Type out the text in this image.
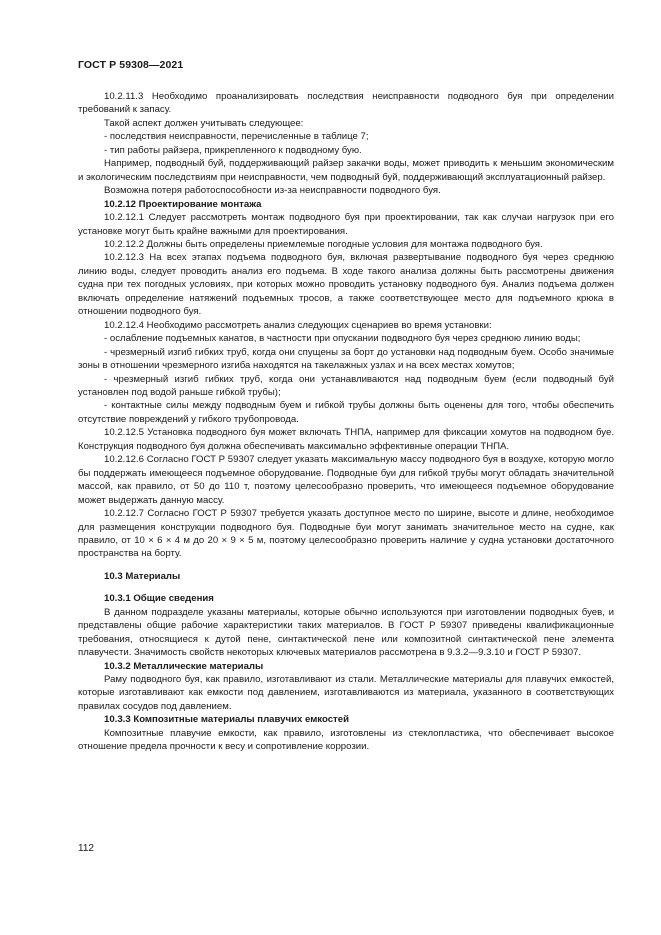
ГОСТ Р 59308—2021

10.2.11.3 Необходимо проанализировать последствия неисправности подводного буя при определении требований к запасу.

Такой аспект должен учитывать следующее:

- последствия неисправности, перечисленные в таблице 7;

- тип работы райзера, прикрепленного к подводному бую.

Например, подводный буй, поддерживающий райзер закачки воды, может приводить к меньшим экономическим и экологическим последствиям при неисправности, чем подводный буй, поддерживающий эксплуатационный райзер.

Возможна потеря работоспособности из-за неисправности подводного буя.

10.2.12 Проектирование монтажа

10.2.12.1 Следует рассмотреть монтаж подводного буя при проектировании, так как случаи нагрузок при его установке могут быть крайне важными для проектирования.

10.2.12.2 Должны быть определены приемлемые погодные условия для монтажа подводного буя.

10.2.12.3 На всех этапах подъема подводного буя, включая развертывание подводного буя через среднюю линию воды, следует проводить анализ его подъема. В ходе такого анализа должны быть рассмотрены движения судна при тех погодных условиях, при которых можно проводить установку подводного буя. Анализ подъема должен включать определение натяжений подъемных тросов, а также соответствующее место для подъемного крюка в отношении подводного буя.

10.2.12.4 Необходимо рассмотреть анализ следующих сценариев во время установки:

- ослабление подъемных канатов, в частности при опускании подводного буя через среднюю линию воды;

- чрезмерный изгиб гибких труб, когда они спущены за борт до установки над подводным буем. Особо значимые зоны в отношении чрезмерного изгиба находятся на такелажных узлах и на всех местах хомутов;

- чрезмерный изгиб гибких труб, когда они устанавливаются над подводным буем (если подводный буй установлен под водой раньше гибкой трубы);

- контактные силы между подводным буем и гибкой трубы должны быть оценены для того, чтобы обеспечить отсутствие повреждений у гибкого трубопровода.

10.2.12.5 Установка подводного буя может включать ТНПА, например для фиксации хомутов на подводном буе. Конструкция подводного буя должна обеспечивать максимально эффективные операции ТНПА.

10.2.12.6 Согласно ГОСТ Р 59307 следует указать максимальную массу подводного буя в воздухе, которую могло бы поддержать имеющееся подъемное оборудование. Подводные буи для гибкой трубы могут обладать значительной массой, как правило, от 50 до 110 т, поэтому целесообразно проверить, что имеющееся подъемное оборудование может выдержать данную массу.

10.2.12.7 Согласно ГОСТ Р 59307 требуется указать доступное место по ширине, высоте и длине, необходимое для размещения конструкции подводного буя. Подводные буи могут занимать значительное место на судне, как правило, от 10 × 6 × 4 м до 20 × 9 × 5 м, поэтому целесообразно проверить наличие у судна установки достаточного пространства на борту.

10.3 Материалы

10.3.1 Общие сведения

В данном подразделе указаны материалы, которые обычно используются при изготовлении подводных буев, и представлены общие рабочие характеристики таких материалов. В ГОСТ Р 59307 приведены квалификационные требования, относящиеся к дутой пене, синтактической пене или композитной синтактической пене элемента плавучести. Значимость свойств некоторых ключевых материалов рассмотрена в 9.3.2—9.3.10 и ГОСТ Р 59307.

10.3.2 Металлические материалы

Раму подводного буя, как правило, изготавливают из стали. Металлические материалы для плавучих емкостей, которые изготавливают как емкости под давлением, изготавливаются из материала, указанного в соответствующих правилах сосудов под давлением.

10.3.3 Композитные материалы плавучих емкостей

Композитные плавучие емкости, как правило, изготовлены из стеклопластика, что обеспечивает высокое отношение предела прочности к весу и сопротивление коррозии.

112
